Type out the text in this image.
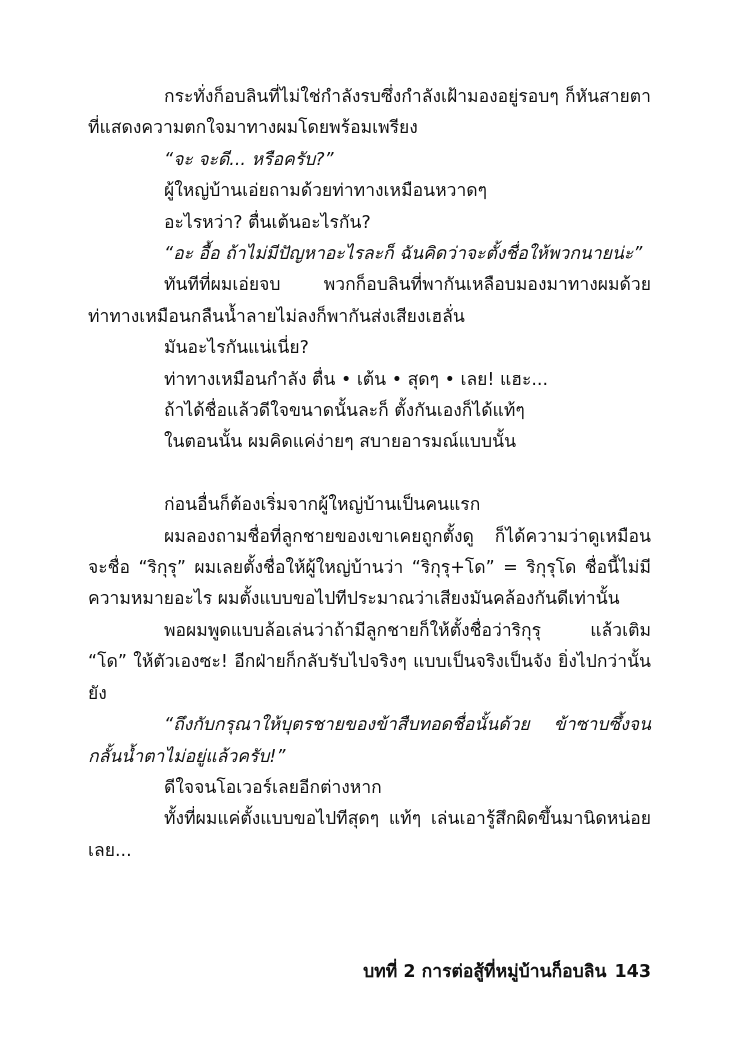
กระทั่งก็อบลินที่ไม่ใช่กำลังรบซึ่งกำลังเฝ้ามองอยู่รอบๆ ก็หันสายตาที่แสดงความตกใจมาทางผมโดยพร้อมเพรียง

“จะ จะดี... หรือครับ?”

ผู้ใหญ่บ้านเอ่ยถามด้วยท่าทางเหมือนหวาดๆ

อะไรหว่า? ตื่นเต้นอะไรกัน?

“อะ อื้อ ถ้าไม่มีปัญหาอะไรละก็ ฉันคิดว่าจะตั้งชื่อให้พวกนายน่ะ”

ทันทีที่ผมเอ่ยจบ พวกก็อบลินที่พากันเหลือบมองมาทางผมด้วยท่าทางเหมือนกลืนน้ำลายไม่ลงก็พากันส่งเสียงเฮลั่น

มันอะไรกันแน่เนี่ย?

ท่าทางเหมือนกำลัง ตื่น • เต้น • สุดๆ • เลย! แฮะ...

ถ้าได้ชื่อแล้วดีใจขนาดนั้นละก็ ตั้งกันเองก็ได้แท้ๆ

ในตอนนั้น ผมคิดแค่ง่ายๆ สบายอารมณ์แบบนั้น

ก่อนอื่นก็ต้องเริ่มจากผู้ใหญ่บ้านเป็นคนแรก

ผมลองถามชื่อที่ลูกชายของเขาเคยถูกตั้งดู ก็ได้ความว่าดูเหมือนจะชื่อ “ริกุรุ” ผมเลยตั้งชื่อให้ผู้ใหญ่บ้านว่า “ริกุรุ+โด” = ริกุรุโด ชื่อนี้ไม่มีความหมายอะไร ผมตั้งแบบขอไปทีประมาณว่าเสียงมันคล้องกันดีเท่านั้น

พอผมพูดแบบล้อเล่นว่าถ้ามีลูกชายก็ให้ตั้งชื่อว่าริกุรุ แล้วเติม “โด” ให้ตัวเองซะ! อีกฝ่ายก็กลับรับไปจริงๆ แบบเป็นจริงเป็นจัง ยิ่งไปกว่านั้นยัง

“ถึงกับกรุณาให้บุตรชายของข้าสืบทอดชื่อนั้นด้วย ข้าซาบซึ้งจนกลั้นน้ำตาไม่อยู่แล้วครับ!”

ดีใจจนโอเวอร์เลยอีกต่างหาก

ทั้งที่ผมแค่ตั้งแบบขอไปทีสุดๆ แท้ๆ เล่นเอารู้สึกผิดขึ้นมานิดหน่อยเลย...

บทที่ 2 การต่อสู้ที่หมู่บ้านก็อบลิน 143
